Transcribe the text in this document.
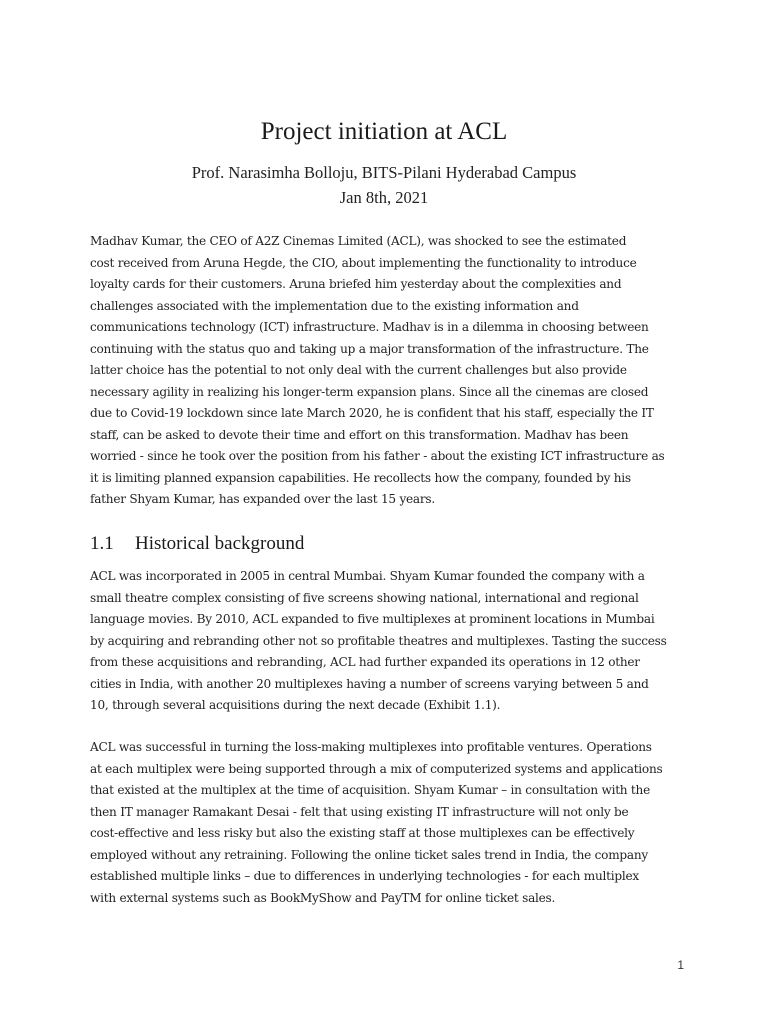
Project initiation at ACL
Prof. Narasimha Bolloju, BITS-Pilani Hyderabad Campus
Jan 8th, 2021
Madhav Kumar, the CEO of A2Z Cinemas Limited (ACL), was shocked to see the estimated
cost received from Aruna Hegde, the CIO, about implementing the functionality to introduce
loyalty cards for their customers. Aruna briefed him yesterday about the complexities and
challenges associated with the implementation due to the existing information and
communications technology (ICT) infrastructure. Madhav is in a dilemma in choosing between
continuing with the status quo and taking up a major transformation of the infrastructure. The
latter choice has the potential to not only deal with the current challenges but also provide
necessary agility in realizing his longer-term expansion plans. Since all the cinemas are closed
due to Covid-19 lockdown since late March 2020, he is confident that his staff, especially the IT
staff, can be asked to devote their time and effort on this transformation. Madhav has been
worried - since he took over the position from his father - about the existing ICT infrastructure as
it is limiting planned expansion capabilities. He recollects how the company, founded by his
father Shyam Kumar, has expanded over the last 15 years.
1.1 Historical background
ACL was incorporated in 2005 in central Mumbai. Shyam Kumar founded the company with a
small theatre complex consisting of five screens showing national, international and regional
language movies. By 2010, ACL expanded to five multiplexes at prominent locations in Mumbai
by acquiring and rebranding other not so profitable theatres and multiplexes. Tasting the success
from these acquisitions and rebranding, ACL had further expanded its operations in 12 other
cities in India, with another 20 multiplexes having a number of screens varying between 5 and
10, through several acquisitions during the next decade (Exhibit 1.1).
ACL was successful in turning the loss-making multiplexes into profitable ventures. Operations
at each multiplex were being supported through a mix of computerized systems and applications
that existed at the multiplex at the time of acquisition. Shyam Kumar – in consultation with the
then IT manager Ramakant Desai - felt that using existing IT infrastructure will not only be
cost-effective and less risky but also the existing staff at those multiplexes can be effectively
employed without any retraining. Following the online ticket sales trend in India, the company
established multiple links – due to differences in underlying technologies - for each multiplex
with external systems such as BookMyShow and PayTM for online ticket sales.
1
